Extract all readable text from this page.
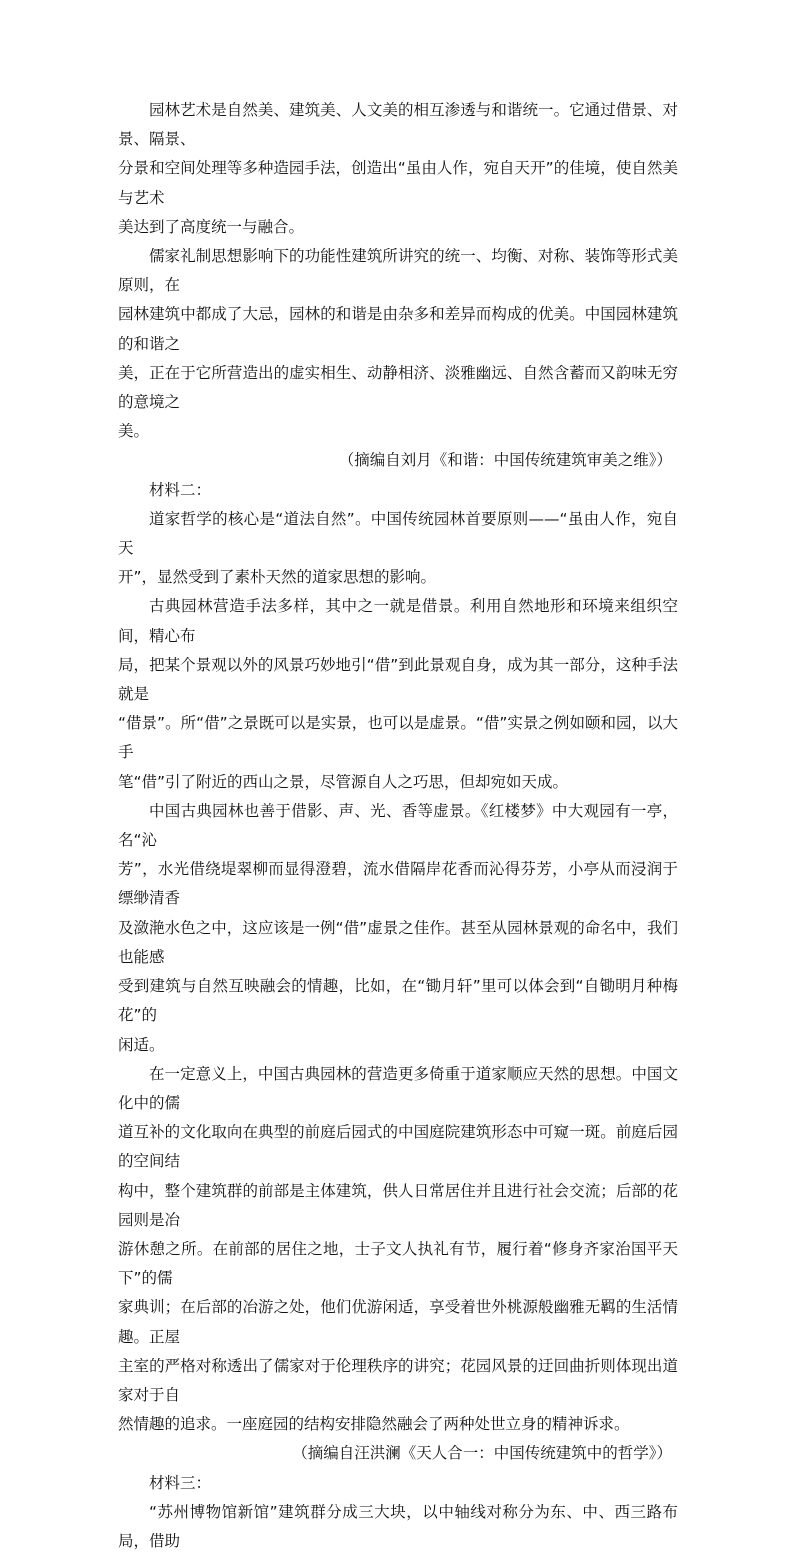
园林艺术是自然美、建筑美、人文美的相互渗透与和谐统一。它通过借景、对景、隔景、
分景和空间处理等多种造园手法，创造出“虽由人作，宛自天开”的佳境，使自然美与艺术
美达到了高度统一与融合。

儒家礼制思想影响下的功能性建筑所讲究的统一、均衡、对称、装饰等形式美原则，在
园林建筑中都成了大忌，园林的和谐是由杂多和差异而构成的优美。中国园林建筑的和谐之
美，正在于它所营造出的虚实相生、动静相济、淡雅幽远、自然含蓄而又韵味无穷的意境之
美。

（摘编自刘月《和谐：中国传统建筑审美之维》）

材料二：

道家哲学的核心是“道法自然”。中国传统园林首要原则——“虽由人作，宛自天
开”，显然受到了素朴天然的道家思想的影响。

古典园林营造手法多样，其中之一就是借景。利用自然地形和环境来组织空间，精心布
局，把某个景观以外的风景巧妙地引“借”到此景观自身，成为其一部分，这种手法就是
“借景”。所“借”之景既可以是实景，也可以是虚景。“借”实景之例如颐和园，以大手
笔“借”引了附近的西山之景，尽管源自人之巧思，但却宛如天成。

中国古典园林也善于借影、声、光、香等虚景。《红楼梦》中大观园有一亭，名“沁
芳”，水光借绕堤翠柳而显得澄碧，流水借隔岸花香而沁得芬芳，小亭从而浸润于缥缈清香
及潋滟水色之中，这应该是一例“借”虚景之佳作。甚至从园林景观的命名中，我们也能感
受到建筑与自然互映融会的情趣，比如，在“锄月轩”里可以体会到“自锄明月种梅花”的
闲适。

在一定意义上，中国古典园林的营造更多倚重于道家顺应天然的思想。中国文化中的儒
道互补的文化取向在典型的前庭后园式的中国庭院建筑形态中可窥一斑。前庭后园的空间结
构中，整个建筑群的前部是主体建筑，供人日常居住并且进行社会交流；后部的花园则是冶
游休憩之所。在前部的居住之地，士子文人执礼有节，履行着“修身齐家治国平天下”的儒
家典训；在后部的冶游之处，他们优游闲适，享受着世外桃源般幽雅无羁的生活情趣。正屋
主室的严格对称透出了儒家对于伦理秩序的讲究；花园风景的迂回曲折则体现出道家对于自
然情趣的追求。一座庭园的结构安排隐然融会了两种处世立身的精神诉求。

（摘编自汪洪澜《天人合一：中国传统建筑中的哲学》）

材料三：

“苏州博物馆新馆”建筑群分成三大块，以中轴线对称分为东、中、西三路布局，借助
